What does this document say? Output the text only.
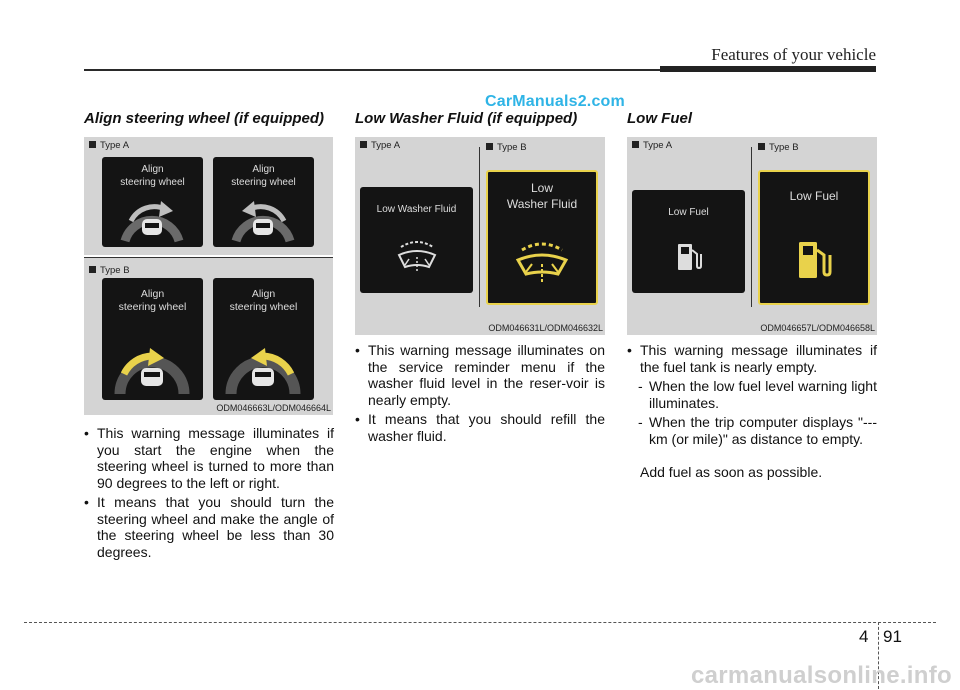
Features of your vehicle
CarManuals2.com
Align steering wheel (if equipped)
Type A
Type B
Align
steering wheel
Align
steering wheel
Align
steering wheel
Align
steering wheel
ODM046663L/ODM046664L
• This warning message illuminates if you start the engine when the steering wheel is turned to more than 90 degrees to the left or right.
• It means that you should turn the steering wheel and make the angle of the steering wheel be less than 30 degrees.
Low Washer Fluid (if equipped)
Type A	Type B
Low Washer Fluid
Low
Washer Fluid
ODM046631L/ODM046632L
• This warning message illuminates on the service reminder menu if the washer fluid level in the reser-voir is nearly empty.
• It means that you should refill the washer fluid.
Low Fuel
Type A	Type B
Low Fuel
Low Fuel
ODM046657L/ODM046658L
• This warning message illuminates if the fuel tank is nearly empty.
- When the low fuel level warning light illuminates.
- When the trip computer displays "--- km (or mile)" as distance to empty.
Add fuel as soon as possible.
4 91
carmanualsonline.info
